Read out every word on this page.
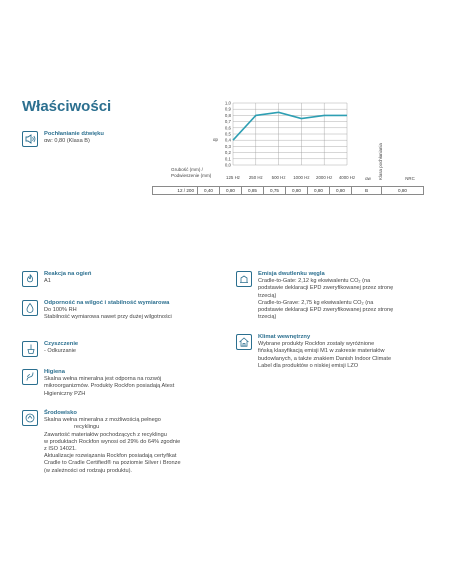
Właściwości
Pochłanianie dźwięku
αw: 0,80 (Klasa B)
1,0
0,9
0,8
0,7
0,6
0,5
0,4
0,3
0,2
0,1
0,0
αp
125 Hz 250 Hz 500 Hz 1000 Hz 2000 Hz 4000 Hz
Grubość (mm) /
Podwieszenie (mm)
αw	NRC
Klasa pochłaniania
12 / 200	0,40	0,80	0,85	0,75	0,80	0,80	0,80	B	0,80
Reakcja na ogień
A1
Odporność na wilgoć i stabilność wymiarowa
Do 100% RH
Stabilność wymiarowa nawet przy dużej wilgotności
Czyszczenie
- Odkurzanie
Higiena
Skalna wełna mineralna jest odporna na rozwój
mikroorganizmów. Produkty Rockfon posiadają Atest
Higieniczny PZH
Środowisko
Skalna wełna mineralna z możliwością pełnego
recyklingu
Zawartość materiałów pochodzących z recyklingu
w produktach Rockfon wynosi od 29% do 64% zgodnie
z ISO 14021.
Aktualizacje rozwiązania Rockfon posiadają certyfikat
Cradle to Cradle Certified® na poziomie Silver i Bronze
(w zależności od rodzaju produktu).
Emisja dwutlenku węgla
Cradle-to-Gate: 2,12 kg ekwiwalentu CO₂ (na
podstawie deklaracji EPD zweryfikowanej przez stronę
trzecią)
Cradle-to-Grave: 2,75 kg ekwiwalentu CO₂ (na
podstawie deklaracji EPD zweryfikowanej przez stronę
trzecią)
Klimat wewnętrzny
Wybrane produkty Rockfon zostały wyróżnione
fińską klasyfikacją emisji M1 w zakresie materiałów
budowlanych, a także znakiem Danish Indoor Climate
Label dla produktów o niskiej emisji LZO
